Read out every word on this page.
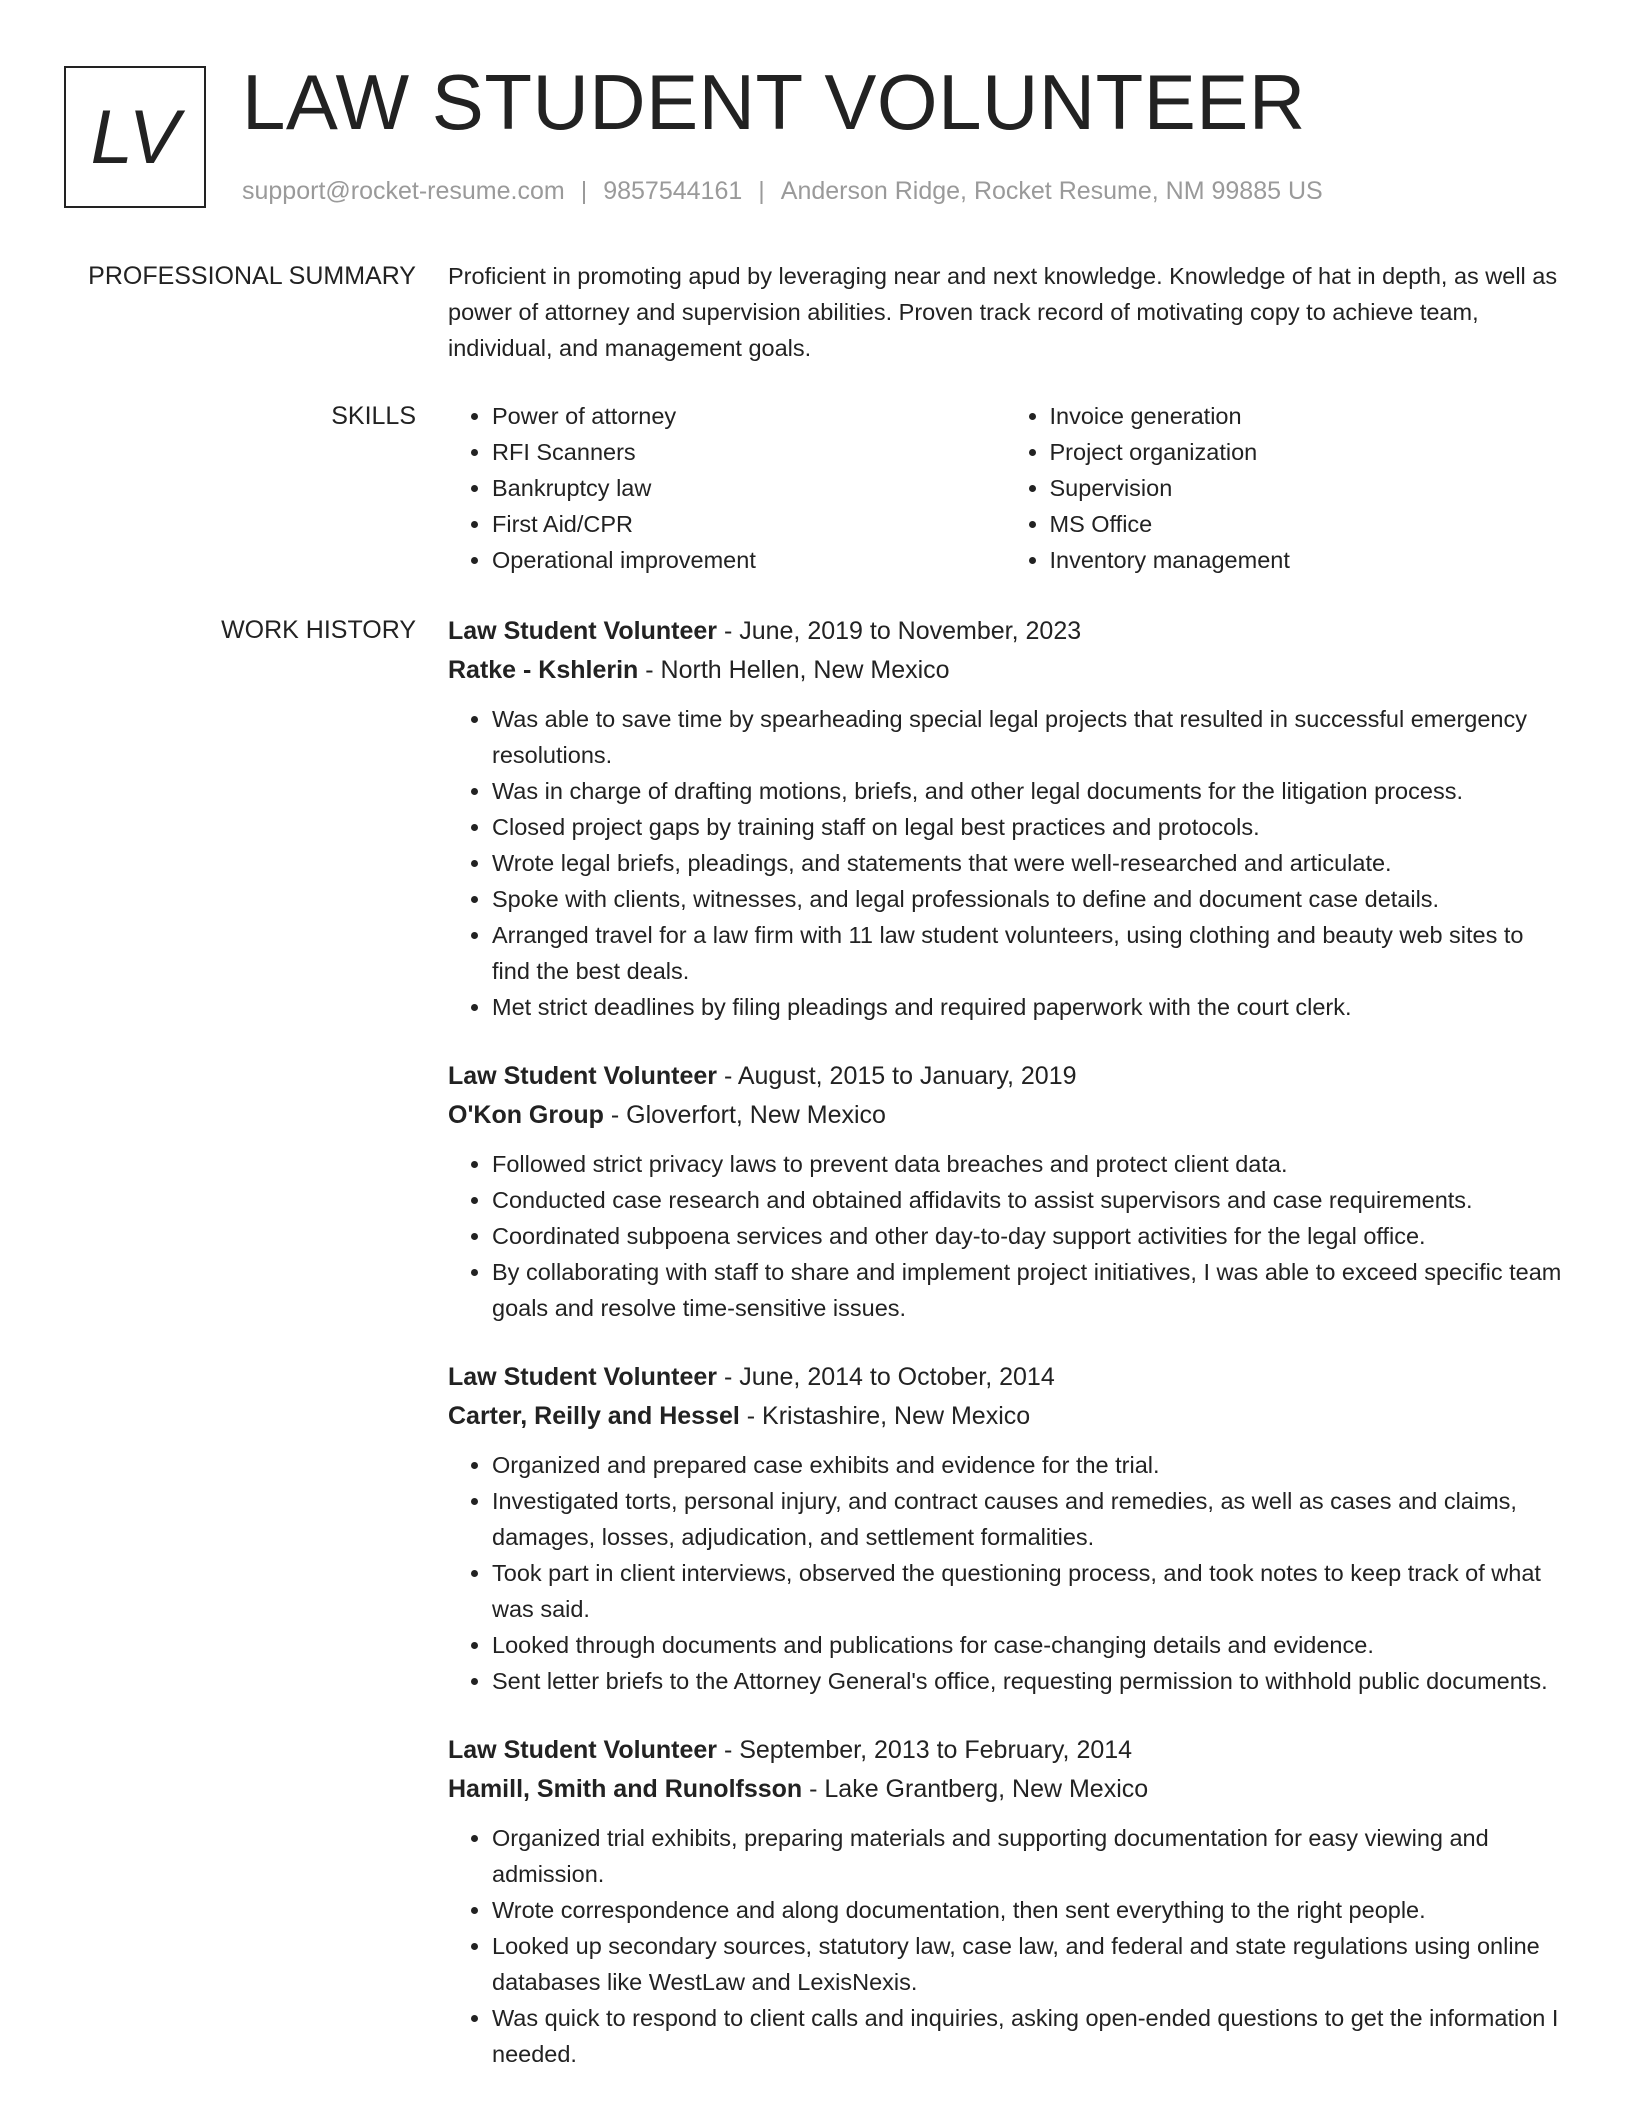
LV LAW STUDENT VOLUNTEER
support@rocket-resume.com | 9857544161 | Anderson Ridge, Rocket Resume, NM 99885 US
PROFESSIONAL SUMMARY Proficient in promoting apud by leveraging near and next knowledge. Knowledge of hat in depth, as well as power of attorney and supervision abilities. Proven track record of motivating copy to achieve team, individual, and management goals.

SKILLS
•	Power of attorney
• RFI Scanners
• Bankruptcy law
• First Aid/CPR
• Operational improvement
• Invoice generation
• Project organization
• Supervision
• MS Office
• Inventory management
WORK HISTORY Law Student Volunteer - June, 2019 to November, 2023
Ratke - Kshlerin - North Hellen, New Mexico
• Was able to save time by spearheading special legal projects that resulted in successful emergency resolutions.
• Was in charge of drafting motions, briefs, and other legal documents for the litigation process.
• Closed project gaps by training staff on legal best practices and protocols.
• Wrote legal briefs, pleadings, and statements that were well-researched and articulate.
• Spoke with clients, witnesses, and legal professionals to define and document case details.
• Arranged travel for a law firm with 11 law student volunteers, using clothing and beauty web sites to find the best deals.
• Met strict deadlines by filing pleadings and required paperwork with the court clerk.
Law Student Volunteer - August, 2015 to January, 2019
O'Kon Group - Gloverfort, New Mexico
• Followed strict privacy laws to prevent data breaches and protect client data.
• Conducted case research and obtained affidavits to assist supervisors and case requirements.
• Coordinated subpoena services and other day-to-day support activities for the legal office.
• By collaborating with staff to share and implement project initiatives, I was able to exceed specific team goals and resolve time-sensitive issues.
Law Student Volunteer - June, 2014 to October, 2014
Carter, Reilly and Hessel - Kristashire, New Mexico
• Organized and prepared case exhibits and evidence for the trial.
• Investigated torts, personal injury, and contract causes and remedies, as well as cases and claims, damages, losses, adjudication, and settlement formalities.
• Took part in client interviews, observed the questioning process, and took notes to keep track of what was said.
• Looked through documents and publications for case-changing details and evidence.
• Sent letter briefs to the Attorney General's office, requesting permission to withhold public documents.
Law Student Volunteer - September, 2013 to February, 2014
Hamill, Smith and Runolfsson - Lake Grantberg, New Mexico
• Organized trial exhibits, preparing materials and supporting documentation for easy viewing and admission.
• Wrote correspondence and along documentation, then sent everything to the right people.
• Looked up secondary sources, statutory law, case law, and federal and state regulations using online databases like WestLaw and LexisNexis.
• Was quick to respond to client calls and inquiries, asking open-ended questions to get the information I needed.
